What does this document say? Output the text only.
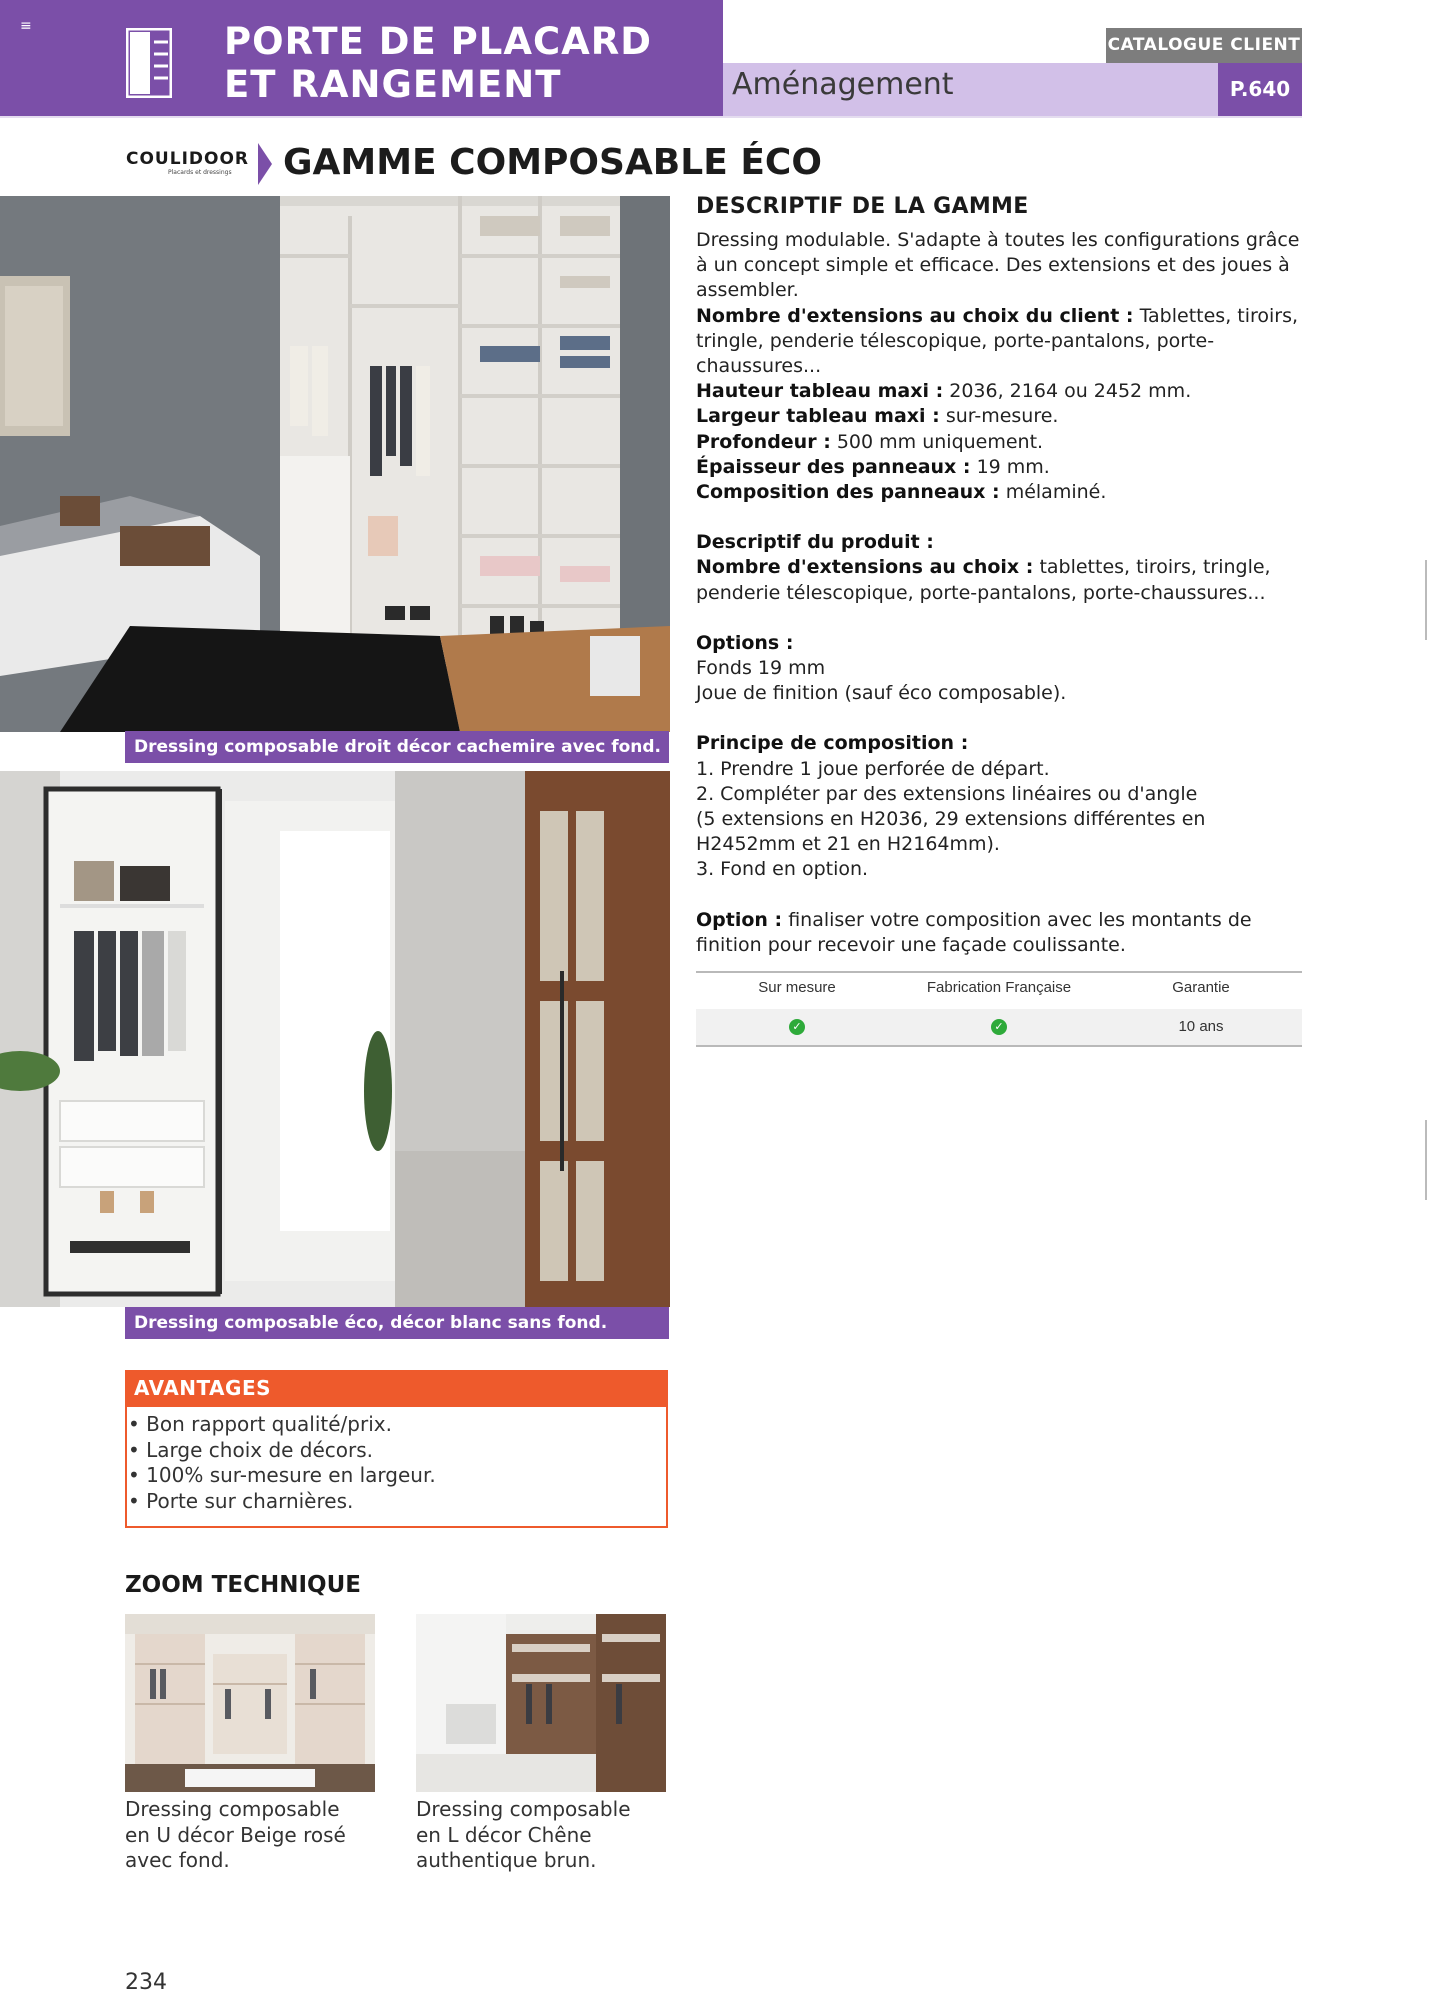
≡	PORTE DE PLACARD
ET RANGEMENT	Aménagement
CATALOGUE CLIENT
P.640
COULIDOOR
Placards et dressings GAMME COMPOSABLE ÉCO
Dressing composable droit décor cachemire avec fond.
Dressing composable éco, décor blanc sans fond.
DESCRIPTIF DE LA GAMME

Dressing modulable. S'adapte à toutes les configurations grâce à un concept simple et efficace. Des extensions et des joues à assembler.

Nombre d'extensions au choix du client : Tablettes, tiroirs, tringle, penderie télescopique, porte-pantalons, porte-chaussures...

Hauteur tableau maxi : 2036, 2164 ou 2452 mm.

Largeur tableau maxi : sur-mesure.

Profondeur : 500 mm uniquement.

Épaisseur des panneaux : 19 mm.

Composition des panneaux : mélaminé.

Descriptif du produit :

Nombre d'extensions au choix : tablettes, tiroirs, tringle, penderie télescopique, porte-pantalons, porte-chaussures...

Options :

Fonds 19 mm

Joue de finition (sauf éco composable).

Principe de composition :

1. Prendre 1 joue perforée de départ.

2. Compléter par des extensions linéaires ou d'angle

(5 extensions en H2036, 29 extensions différentes en H2452mm et 21 en H2164mm).

3. Fond en option.

Option : finaliser votre composition avec les montants de finition pour recevoir une façade coulissante.

Sur mesure	Fabrication Française	Garantie
✓	✓	10 ans
AVANTAGES
• Bon rapport qualité/prix.
• Large choix de décors.
• 100% sur-mesure en largeur.
• Porte sur charnières.
ZOOM TECHNIQUE
Dressing composable
en U décor Beige rosé
avec fond.
Dressing composable
en L décor Chêne
authentique brun.
234
